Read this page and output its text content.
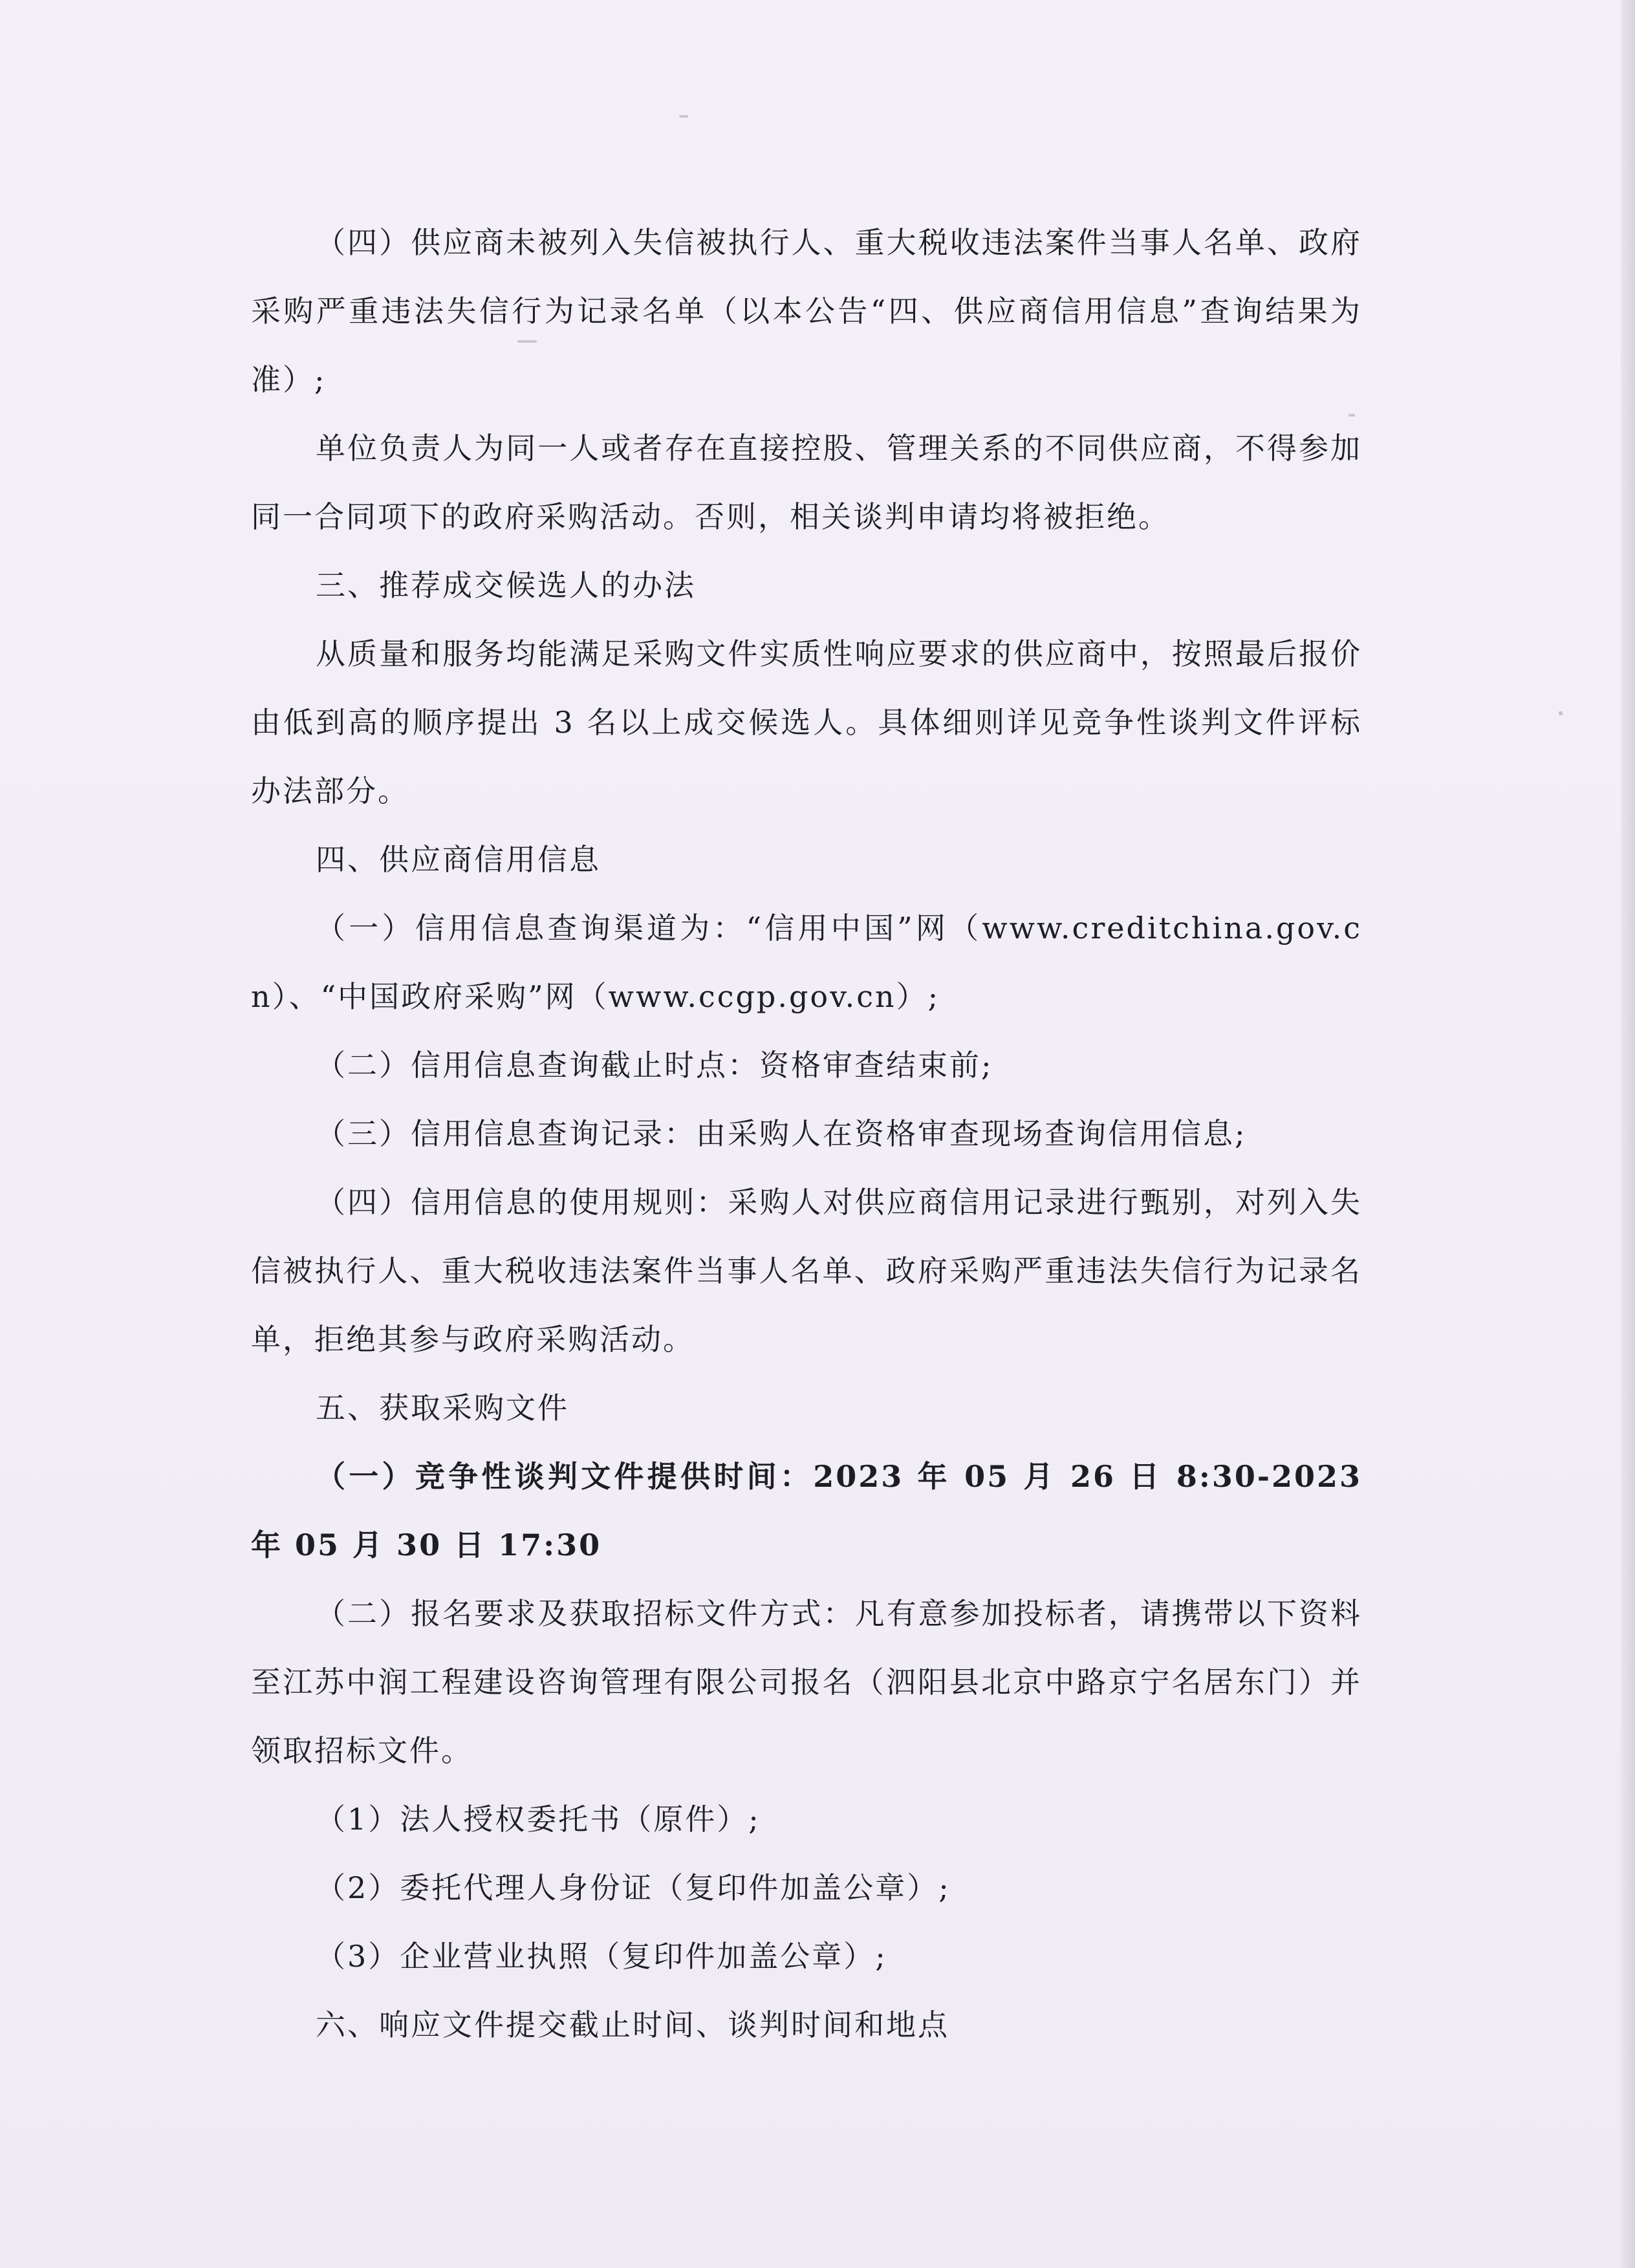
（四）供应商未被列入失信被执行人、重大税收违法案件当事人名单、政府采购严重违法失信行为记录名单（以本公告“四、供应商信用信息”查询结果为准）;

单位负责人为同一人或者存在直接控股、管理关系的不同供应商，不得参加同一合同项下的政府采购活动。否则，相关谈判申请均将被拒绝。

三、推荐成交候选人的办法

从质量和服务均能满足采购文件实质性响应要求的供应商中，按照最后报价由低到高的顺序提出 3 名以上成交候选人。具体细则详见竞争性谈判文件评标办法部分。

四、供应商信用信息

（一）信用信息查询渠道为：“信用中国”网（www.creditchina.gov.cn）、“中国政府采购”网（www.ccgp.gov.cn）;

（二）信用信息查询截止时点：资格审查结束前;

（三）信用信息查询记录：由采购人在资格审查现场查询信用信息;

（四）信用信息的使用规则：采购人对供应商信用记录进行甄别，对列入失信被执行人、重大税收违法案件当事人名单、政府采购严重违法失信行为记录名单，拒绝其参与政府采购活动。

五、获取采购文件

（一）竞争性谈判文件提供时间：2023 年 05 月 26 日 8:30-2023 年 05 月 30 日 17:30

（二）报名要求及获取招标文件方式：凡有意参加投标者，请携带以下资料至江苏中润工程建设咨询管理有限公司报名（泗阳县北京中路京宁名居东门）并领取招标文件。

（1）法人授权委托书（原件）;

（2）委托代理人身份证（复印件加盖公章）;

（3）企业营业执照（复印件加盖公章）;

六、响应文件提交截止时间、谈判时间和地点
